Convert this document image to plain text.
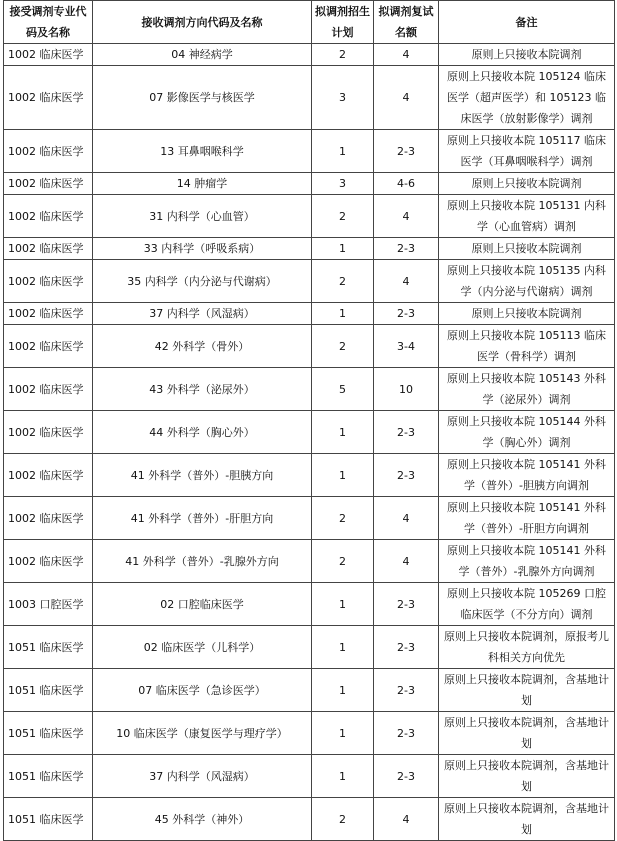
接受调剂专业代码及名称	接收调剂方向代码及名称	拟调剂招生计划	拟调剂复试名额	备注
1002 临床医学	04 神经病学	2	4	原则上只接收本院调剂
1002 临床医学	07 影像医学与核医学	3	4	原则上只接收本院 105124 临床医学（超声医学）和 105123 临床医学（放射影像学）调剂
1002 临床医学	13 耳鼻咽喉科学	1	2-3	原则上只接收本院 105117 临床医学（耳鼻咽喉科学）调剂
1002 临床医学	14 肿瘤学	3	4-6	原则上只接收本院调剂
1002 临床医学	31 内科学（心血管）	2	4	原则上只接收本院 105131 内科学（心血管病）调剂
1002 临床医学	33 内科学（呼吸系病）	1	2-3	原则上只接收本院调剂
1002 临床医学	35 内科学（内分泌与代谢病）	2	4	原则上只接收本院 105135 内科学（内分泌与代谢病）调剂
1002 临床医学	37 内科学（风湿病）	1	2-3	原则上只接收本院调剂
1002 临床医学	42 外科学（骨外）	2	3-4	原则上只接收本院 105113 临床医学（骨科学）调剂
1002 临床医学	43 外科学（泌尿外）	5	10	原则上只接收本院 105143 外科学（泌尿外）调剂
1002 临床医学	44 外科学（胸心外）	1	2-3	原则上只接收本院 105144 外科学（胸心外）调剂
1002 临床医学	41 外科学（普外）-胆胰方向	1	2-3	原则上只接收本院 105141 外科学（普外）-胆胰方向调剂
1002 临床医学	41 外科学（普外）-肝胆方向	2	4	原则上只接收本院 105141 外科学（普外）-肝胆方向调剂
1002 临床医学	41 外科学（普外）-乳腺外方向	2	4	原则上只接收本院 105141 外科学（普外）-乳腺外方向调剂
1003 口腔医学	02 口腔临床医学	1	2-3	原则上只接收本院 105269 口腔临床医学（不分方向）调剂
1051 临床医学	02 临床医学（儿科学）	1	2-3	原则上只接收本院调剂，原报考儿科相关方向优先
1051 临床医学	07 临床医学（急诊医学）	1	2-3	原则上只接收本院调剂，含基地计划
1051 临床医学	10 临床医学（康复医学与理疗学）	1	2-3	原则上只接收本院调剂，含基地计划
1051 临床医学	37 内科学（风湿病）	1	2-3	原则上只接收本院调剂，含基地计划
1051 临床医学	45 外科学（神外）	2	4	原则上只接收本院调剂，含基地计划
